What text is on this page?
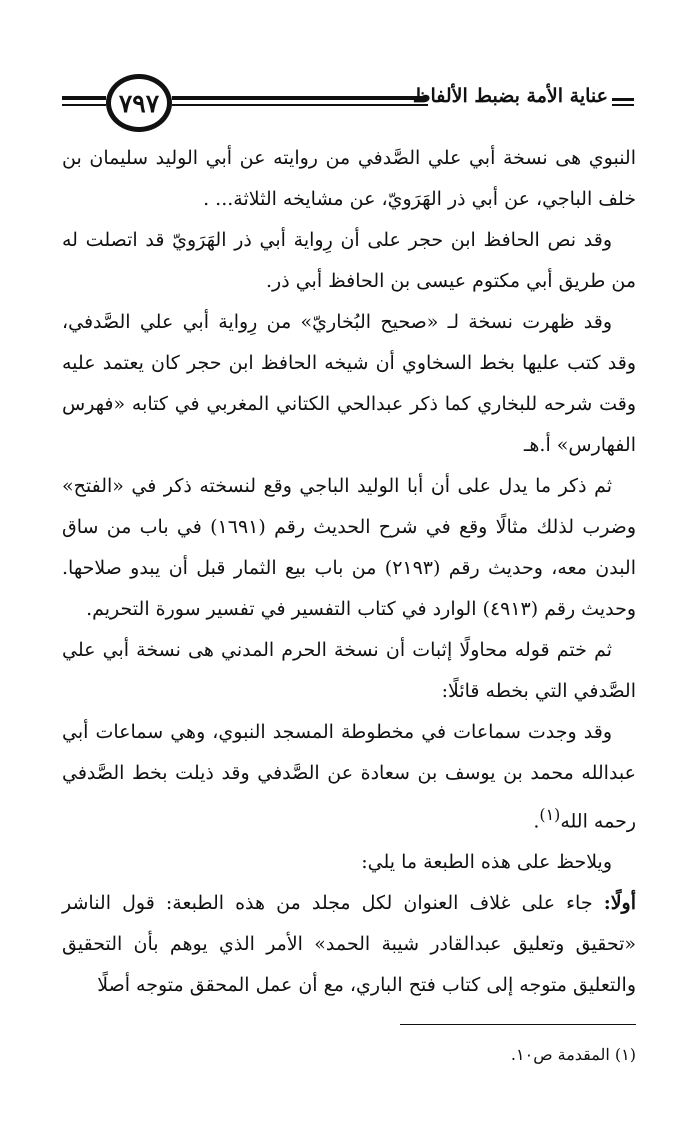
٧٩٧	عناية الأمة بضبط الألفاظ

النبوي هى نسخة أبي علي الصَّدفي من روايته عن أبي الوليد سليمان بن خلف الباجي، عن أبي ذر الهَرَويّ، عن مشايخه الثلاثة... .

وقد نص الحافظ ابن حجر على أن رِواية أبي ذر الهَرَويّ قد اتصلت له من طريق أبي مكتوم عيسى بن الحافظ أبي ذر.

وقد ظهرت نسخة لـ «صحيح البُخاريّ» من رِواية أبي علي الصَّدفي، وقد كتب عليها بخط السخاوي أن شيخه الحافظ ابن حجر كان يعتمد عليه وقت شرحه للبخاري كما ذكر عبدالحي الكتاني المغربي في كتابه «فهرس الفهارس» أ.هـ

ثم ذكر ما يدل على أن أبا الوليد الباجي وقع لنسخته ذكر في «الفتح» وضرب لذلك مثالًا وقع في شرح الحديث رقم (١٦٩١) في باب من ساق البدن معه، وحديث رقم (٢١٩٣) من باب بيع الثمار قبل أن يبدو صلاحها. وحديث رقم (٤٩١٣) الوارد في كتاب التفسير في تفسير سورة التحريم.

ثم ختم قوله محاولًا إثبات أن نسخة الحرم المدني هى نسخة أبي علي الصَّدفي التي بخطه قائلًا:

وقد وجدت سماعات في مخطوطة المسجد النبوي، وهي سماعات أبي عبدالله محمد بن يوسف بن سعادة عن الصَّدفي وقد ذيلت بخط الصَّدفي رحمه الله$^{(١)}$.

ويلاحظ على هذه الطبعة ما يلي:

أولًا: جاء على غلاف العنوان لكل مجلد من هذه الطبعة: قول الناشر «تحقيق وتعليق عبدالقادر شيبة الحمد» الأمر الذي يوهم بأن التحقيق والتعليق متوجه إلى كتاب فتح الباري، مع أن عمل المحقق متوجه أصلًا

(١) المقدمة ص١٠.
